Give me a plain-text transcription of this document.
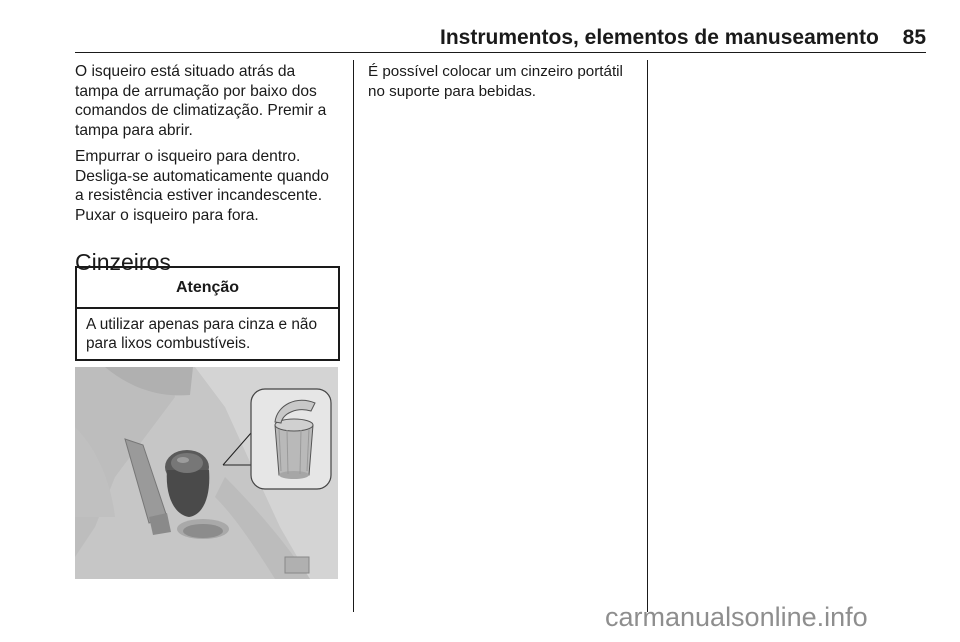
Instrumentos, elementos de manuseamento	85

O isqueiro está situado atrás da
tampa de arrumação por baixo dos
comandos de climatização. Premir a
tampa para abrir.

Empurrar o isqueiro para dentro.
Desliga-se automaticamente quando
a resistência estiver incandescente.
Puxar o isqueiro para fora.

Cinzeiros
Atenção
A utilizar apenas para cinza e não
para lixos combustíveis.

É possível colocar um cinzeiro portátil
no suporte para bebidas.

carmanualsonline.info
